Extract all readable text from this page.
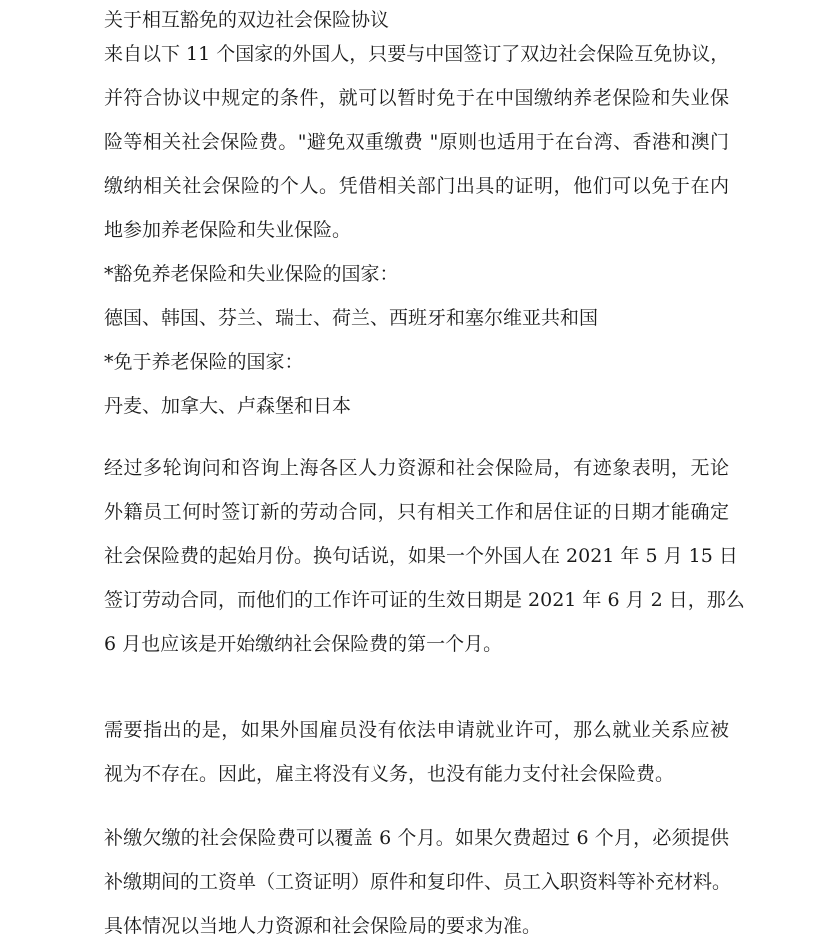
关于相互豁免的双边社会保险协议
来自以下 11 个国家的外国人，只要与中国签订了双边社会保险互免协议，
并符合协议中规定的条件，就可以暂时免于在中国缴纳养老保险和失业保
险等相关社会保险费。"避免双重缴费 "原则也适用于在台湾、香港和澳门
缴纳相关社会保险的个人。凭借相关部门出具的证明，他们可以免于在内
地参加养老保险和失业保险。
*豁免养老保险和失业保险的国家：
德国、韩国、芬兰、瑞士、荷兰、西班牙和塞尔维亚共和国
*免于养老保险的国家：
丹麦、加拿大、卢森堡和日本
经过多轮询问和咨询上海各区人力资源和社会保险局，有迹象表明，无论
外籍员工何时签订新的劳动合同，只有相关工作和居住证的日期才能确定
社会保险费的起始月份。换句话说，如果一个外国人在 2021 年 5 月 15 日
签订劳动合同，而他们的工作许可证的生效日期是 2021 年 6 月 2 日，那么
6 月也应该是开始缴纳社会保险费的第一个月。
需要指出的是，如果外国雇员没有依法申请就业许可，那么就业关系应被
视为不存在。因此，雇主将没有义务，也没有能力支付社会保险费。
补缴欠缴的社会保险费可以覆盖 6 个月。如果欠费超过 6 个月，必须提供
补缴期间的工资单（工资证明）原件和复印件、员工入职资料等补充材料。
具体情况以当地人力资源和社会保险局的要求为准。
